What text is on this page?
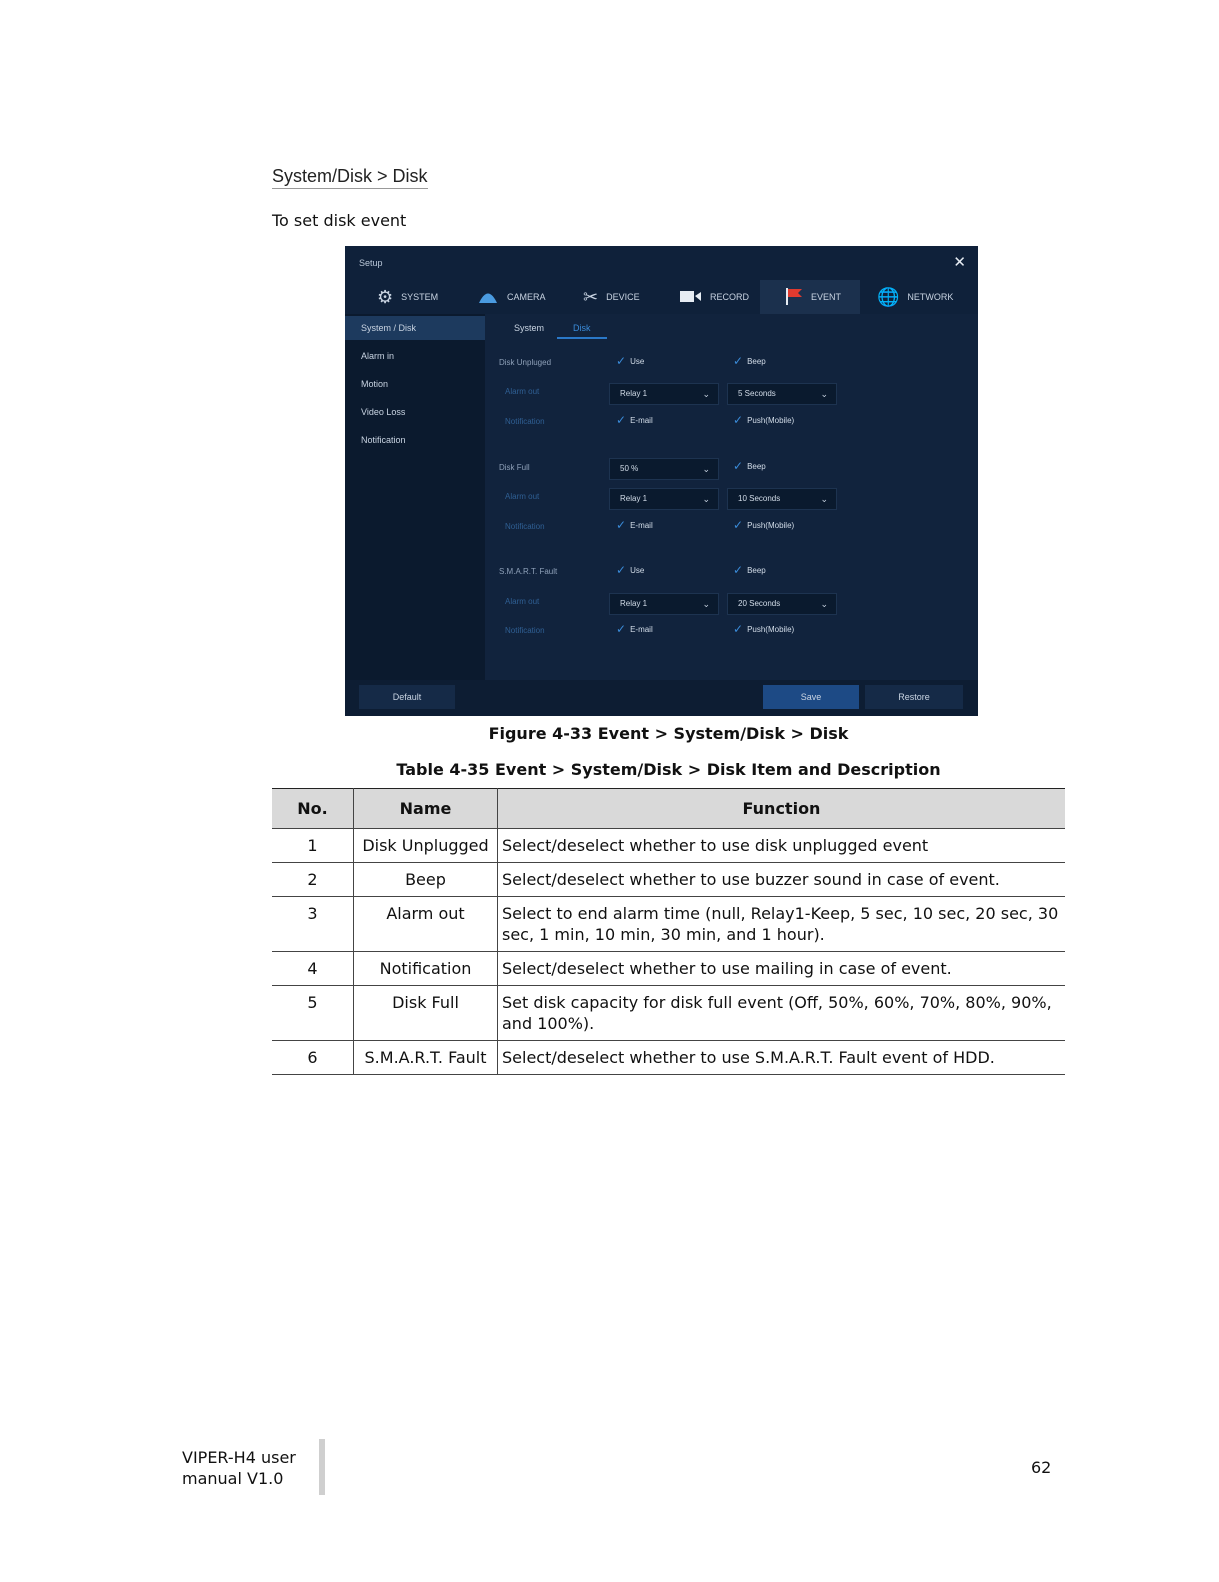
System/Disk > Disk
To set disk event
Setup	✕
⚙ SYSTEM	CAMERA ✂ DEVICE	RECORD	EVENT 🌐 NETWORK
System / Disk
Alarm in
Motion
Video Loss
Notification
System	Disk
Disk Unpluged	✓ Use	✓ Beep
Alarm out	Relay 1	⌄	5 Seconds	⌄
Notification	✓ E-mail	✓ Push(Mobile)
Disk Full	50 %	⌄ ✓ Beep
Alarm out	Relay 1	⌄	10 Seconds	⌄
Notification	✓ E-mail	✓ Push(Mobile)
S.M.A.R.T. Fault	✓ Use	✓ Beep
Alarm out	Relay 1	⌄	20 Seconds	⌄
Notification	✓ E-mail	✓ Push(Mobile)
Default	Save	Restore
Figure 4-33 Event > System/Disk > Disk
Table 4-35 Event > System/Disk > Disk Item and Description
No.	Name	Function
1	Disk Unplugged	Select/deselect whether to use disk unplugged event
2	Beep	Select/deselect whether to use buzzer sound in case of event.
3	Alarm out	Select to end alarm time (null, Relay1-Keep, 5 sec, 10 sec, 20 sec, 30 sec, 1 min, 10 min, 30 min, and 1 hour).
4	Notification	Select/deselect whether to use mailing in case of event.
5	Disk Full	Set disk capacity for disk full event (Off, 50%, 60%, 70%, 80%, 90%, and 100%).
6	S.M.A.R.T. Fault	Select/deselect whether to use S.M.A.R.T. Fault event of HDD.
VIPER-H4 user
manual V1.0
62
